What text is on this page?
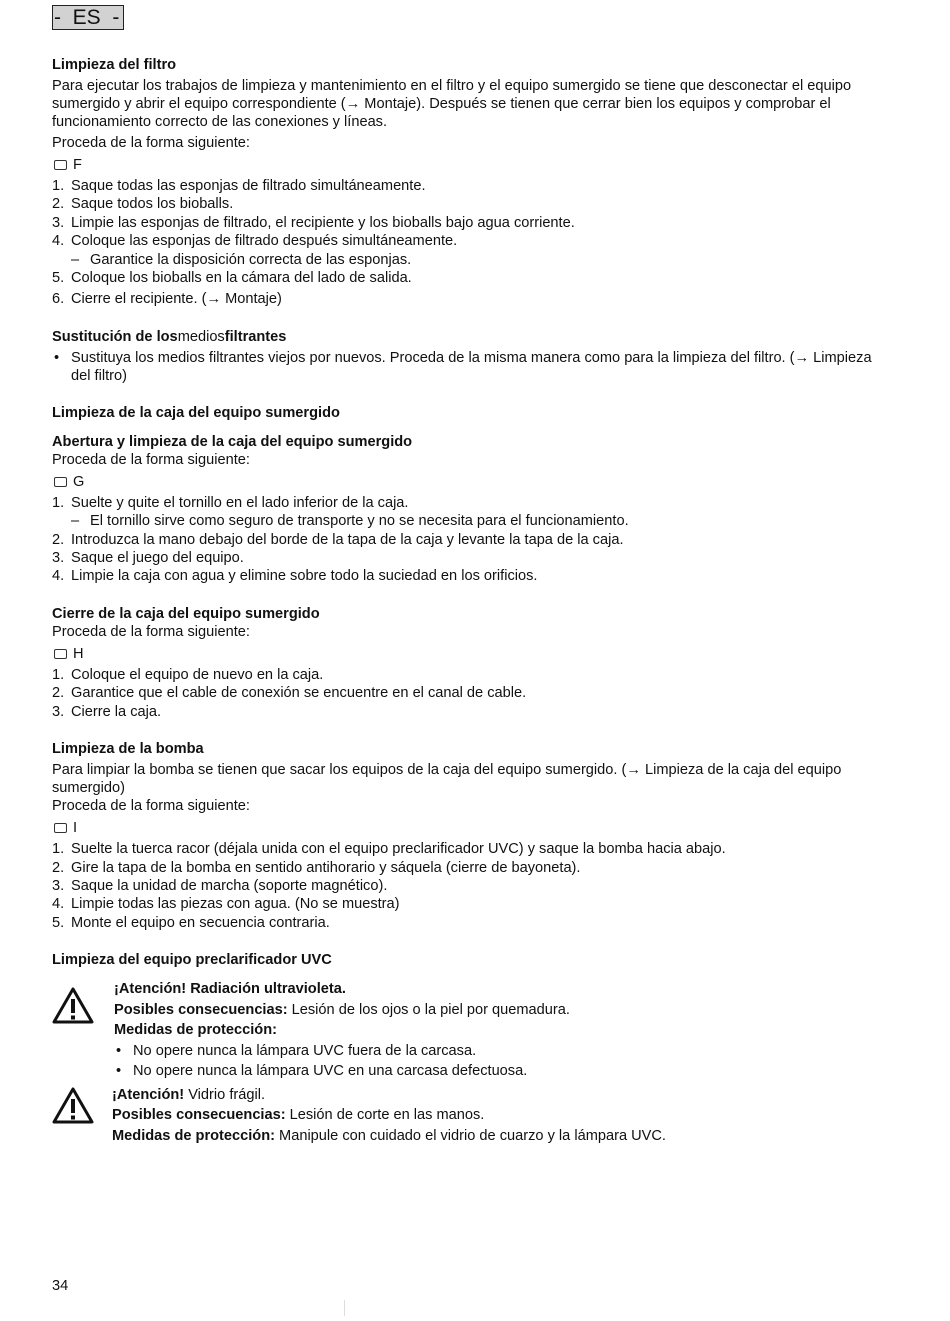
-  ES  -
Limpieza del filtro

Para ejecutar los trabajos de limpieza y mantenimiento en el filtro y el equipo sumergido se tiene que desconectar el equipo sumergido y abrir el equipo correspondiente (→ Montaje). Después se tienen que cerrar bien los equipos y comprobar el funcionamiento correcto de las conexiones y líneas.

Proceda de la forma siguiente:

F
1. Saque todas las esponjas de filtrado simultáneamente.
2. Saque todos los bioballs.
3. Limpie las esponjas de filtrado, el recipiente y los bioballs bajo agua corriente.
4. Coloque las esponjas de filtrado después simultáneamente.
– Garantice la disposición correcta de las esponjas.
5. Coloque los bioballs en la cámara del lado de salida.
6. Cierre el recipiente. (→ Montaje)
Sustitución de losmediosfiltrantes
• Sustituya los medios filtrantes viejos por nuevos. Proceda de la misma manera como para la limpieza del filtro. (→ Limpieza del filtro)
Limpieza de la caja del equipo sumergido
Abertura y limpieza de la caja del equipo sumergido

Proceda de la forma siguiente:

G
1. Suelte y quite el tornillo en el lado inferior de la caja.
– El tornillo sirve como seguro de transporte y no se necesita para el funcionamiento.
2. Introduzca la mano debajo del borde de la tapa de la caja y levante la tapa de la caja.
3. Saque el juego del equipo.
4. Limpie la caja con agua y elimine sobre todo la suciedad en los orificios.
Cierre de la caja del equipo sumergido

Proceda de la forma siguiente:

H
1. Coloque el equipo de nuevo en la caja.
2. Garantice que el cable de conexión se encuentre en el canal de cable.
3. Cierre la caja.
Limpieza de la bomba

Para limpiar la bomba se tienen que sacar los equipos de la caja del equipo sumergido. (→ Limpieza de la caja del equipo sumergido)

Proceda de la forma siguiente:

I
1. Suelte la tuerca racor (déjala unida con el equipo preclarificador UVC) y saque la bomba hacia abajo.
2. Gire la tapa de la bomba en sentido antihorario y sáquela (cierre de bayoneta).
3. Saque la unidad de marcha (soporte magnético).
4. Limpie todas las piezas con agua. (No se muestra)
5. Monte el equipo en secuencia contraria.
Limpieza del equipo preclarificador UVC
¡Atención! Radiación ultravioleta.
Posibles consecuencias: Lesión de los ojos o la piel por quemadura.
Medidas de protección:
• No opere nunca la lámpara UVC fuera de la carcasa.
• No opere nunca la lámpara UVC en una carcasa defectuosa.
¡Atención! Vidrio frágil.
Posibles consecuencias: Lesión de corte en las manos.
Medidas de protección: Manipule con cuidado el vidrio de cuarzo y la lámpara UVC.
34
